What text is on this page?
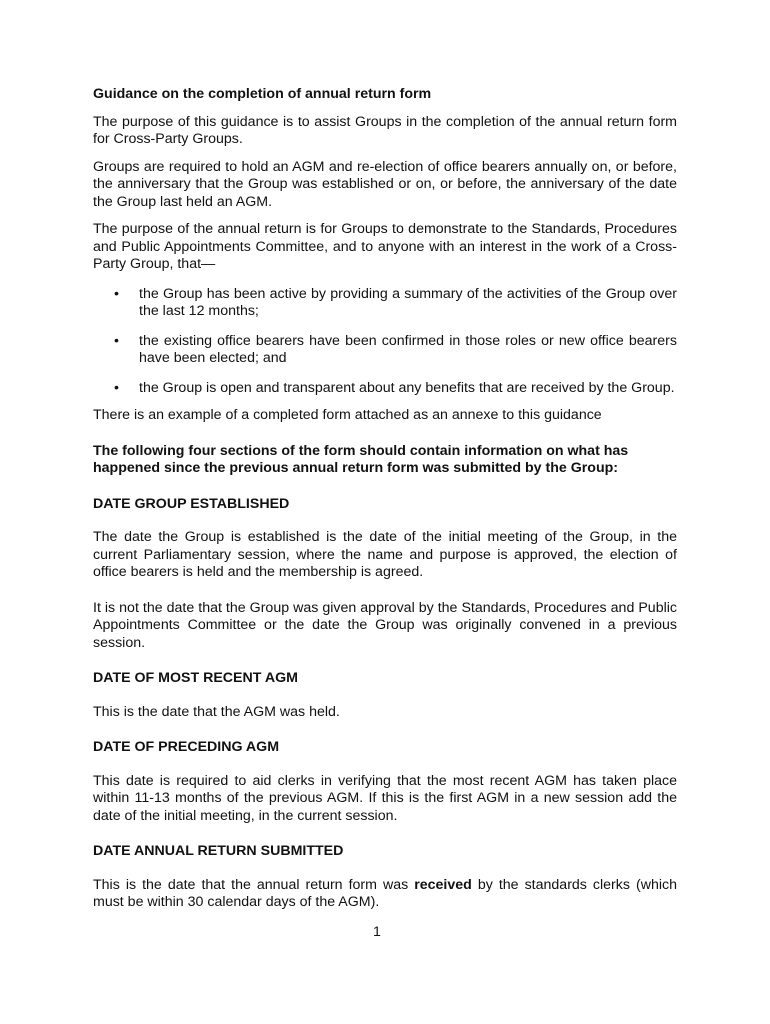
Guidance on the completion of annual return form

The purpose of this guidance is to assist Groups in the completion of the annual return form for Cross-Party Groups.

Groups are required to hold an AGM and re-election of office bearers annually on, or before, the anniversary that the Group was established or on, or before, the anniversary of the date the Group last held an AGM.

The purpose of the annual return is for Groups to demonstrate to the Standards, Procedures and Public Appointments Committee, and to anyone with an interest in the work of a Cross-Party Group, that—

• the Group has been active by providing a summary of the activities of the Group over the last 12 months;
• the existing office bearers have been confirmed in those roles or new office bearers have been elected; and
• the Group is open and transparent about any benefits that are received by the Group.

There is an example of a completed form attached as an annexe to this guidance

The following four sections of the form should contain information on what has happened since the previous annual return form was submitted by the Group:

DATE GROUP ESTABLISHED

The date the Group is established is the date of the initial meeting of the Group, in the current Parliamentary session, where the name and purpose is approved, the election of office bearers is held and the membership is agreed.

It is not the date that the Group was given approval by the Standards, Procedures and Public Appointments Committee or the date the Group was originally convened in a previous session.

DATE OF MOST RECENT AGM

This is the date that the AGM was held.

DATE OF PRECEDING AGM

This date is required to aid clerks in verifying that the most recent AGM has taken place within 11-13 months of the previous AGM. If this is the first AGM in a new session add the date of the initial meeting, in the current session.

DATE ANNUAL RETURN SUBMITTED

This is the date that the annual return form was received by the standards clerks (which must be within 30 calendar days of the AGM).

1
